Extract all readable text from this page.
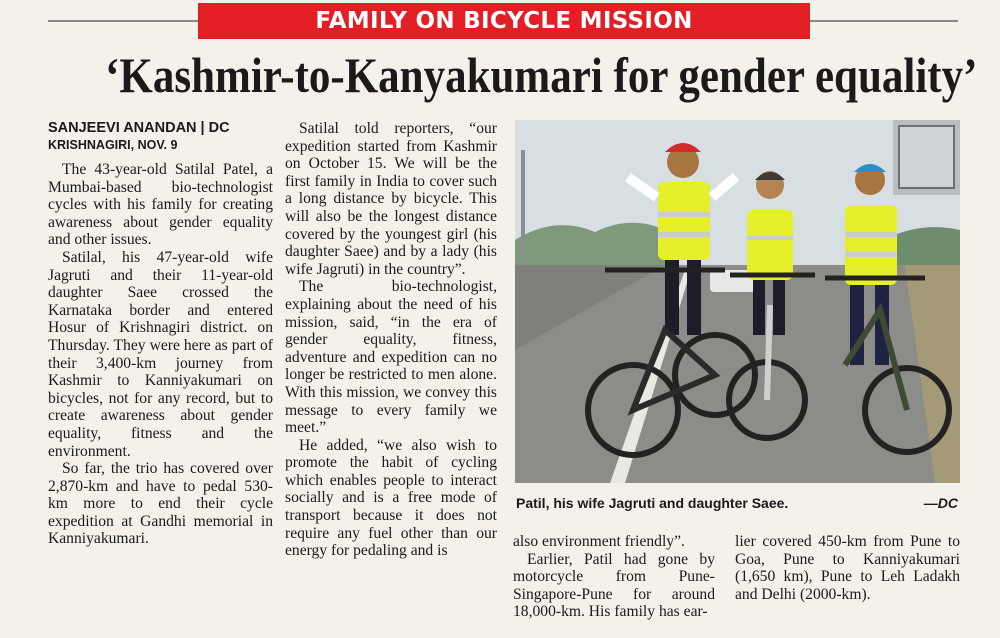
FAMILY ON BICYCLE MISSION
‘Kashmir-to-Kanyakumari for gender equality’
SANJEEVI ANANDAN | DC
KRISHNAGIRI, NOV. 9

The 43-year-old Satilal Patel, a Mumbai-based bio-technologist cycles with his family for creating awareness about gender equality and other issues.

Satilal, his 47-year-old wife Jagruti and their 11-year-old daughter Saee crossed the Karnataka border and entered Hosur of Krishnagiri district. on Thursday. They were here as part of their 3,400-km journey from Kashmir to Kanniyakumari on bicycles, not for any record, but to create awareness about gender equality, fitness and the environment.

So far, the trio has covered over 2,870-km and have to pedal 530-km more to end their cycle expedition at Gandhi memorial in Kanniyakumari.

Satilal told reporters, “our expedition started from Kashmir on October 15. We will be the first family in India to cover such a long distance by bicycle. This will also be the longest distance covered by the youngest girl (his daughter Saee) and by a lady (his wife Jagruti) in the country”.

The bio-technologist, explaining about the need of his mission, said, “in the era of gender equality, fitness, adventure and expedition can no longer be restricted to men alone. With this mission, we convey this message to every family we meet.”

He added, “we also wish to promote the habit of cycling which enables people to interact socially and is a free mode of transport because it does not require any fuel other than our energy for pedaling and is

Patil, his wife Jagruti and daughter Saee.	—DC

also environment friendly”.

Earlier, Patil had gone by motorcycle from Pune-Singapore-Pune for around 18,000-km. His family has ear-

lier covered 450-km from Pune to Goa, Pune to Kanniyakumari (1,650 km), Pune to Leh Ladakh and Delhi (2000-km).
